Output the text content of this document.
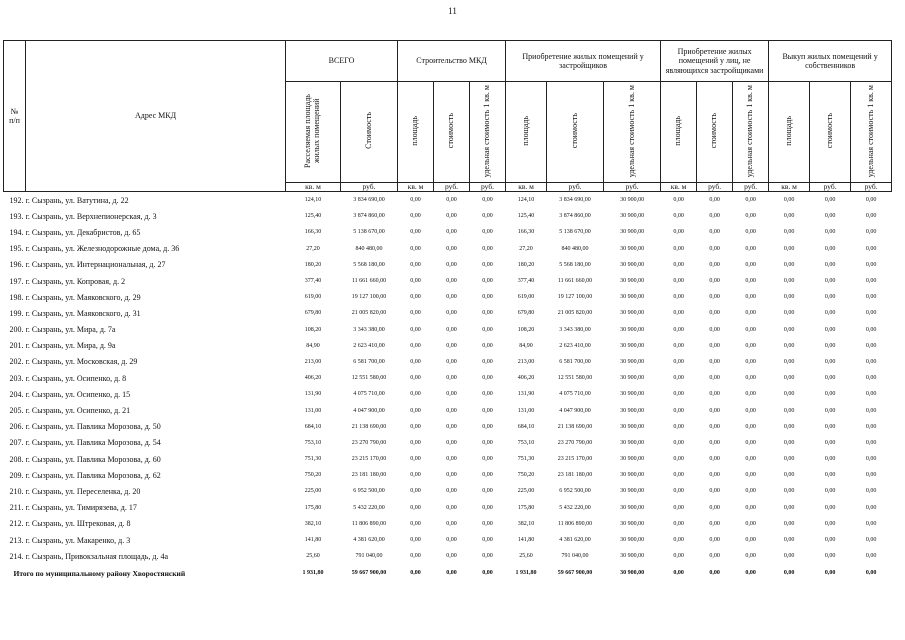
11
№
п/п	Адрес МКД	ВСЕГО		Строительство МКД			Приобретение жилых помещений у застройщиков			Приобретение жилых помещений у лиц, не являющихся застройщиками			Выкуп жилых помещений у собственников		
		Расселяемая площадь жилых помещений	Стоимость	площадь	стоимость	удельная стоимость 1 кв. м	площадь	стоимость	удельная стоимость 1 кв. м	площадь	стоимость	удельная стоимость 1 кв. м	площадь	стоимость	удельная стоимость 1 кв. м
		кв. м	руб.	кв. м	руб.	руб.	кв. м	руб.	руб.	кв. м	руб.	руб.	кв. м	руб.	руб.
192.	г. Сызрань, ул. Ватутина, д. 22	124,10	3 834 690,00	0,00	0,00	0,00	124,10	3 834 690,00	30 900,00	0,00	0,00	0,00	0,00	0,00	0,00
193.	г. Сызрань, ул. Верхнепионерская, д. 3	125,40	3 874 860,00	0,00	0,00	0,00	125,40	3 874 860,00	30 900,00	0,00	0,00	0,00	0,00	0,00	0,00
194.	г. Сызрань, ул. Декабристов, д. 65	166,30	5 138 670,00	0,00	0,00	0,00	166,30	5 138 670,00	30 900,00	0,00	0,00	0,00	0,00	0,00	0,00
195.	г. Сызрань, ул. Железнодорожные дома, д. 36	27,20	840 480,00	0,00	0,00	0,00	27,20	840 480,00	30 900,00	0,00	0,00	0,00	0,00	0,00	0,00
196.	г. Сызрань, ул. Интернациональная, д. 27	180,20	5 568 180,00	0,00	0,00	0,00	180,20	5 568 180,00	30 900,00	0,00	0,00	0,00	0,00	0,00	0,00
197.	г. Сызрань, ул. Копровая, д. 2	377,40	11 661 660,00	0,00	0,00	0,00	377,40	11 661 660,00	30 900,00	0,00	0,00	0,00	0,00	0,00	0,00
198.	г. Сызрань, ул. Маяковского, д. 29	619,00	19 127 100,00	0,00	0,00	0,00	619,00	19 127 100,00	30 900,00	0,00	0,00	0,00	0,00	0,00	0,00
199.	г. Сызрань, ул. Маяковского, д. 31	679,80	21 005 820,00	0,00	0,00	0,00	679,80	21 005 820,00	30 900,00	0,00	0,00	0,00	0,00	0,00	0,00
200.	г. Сызрань, ул. Мира, д. 7а	108,20	3 343 380,00	0,00	0,00	0,00	108,20	3 343 380,00	30 900,00	0,00	0,00	0,00	0,00	0,00	0,00
201.	г. Сызрань, ул. Мира, д. 9а	84,90	2 623 410,00	0,00	0,00	0,00	84,90	2 623 410,00	30 900,00	0,00	0,00	0,00	0,00	0,00	0,00
202.	г. Сызрань, ул. Московская, д. 29	213,00	6 581 700,00	0,00	0,00	0,00	213,00	6 581 700,00	30 900,00	0,00	0,00	0,00	0,00	0,00	0,00
203.	г. Сызрань, ул. Осипенко, д. 8	406,20	12 551 580,00	0,00	0,00	0,00	406,20	12 551 580,00	30 900,00	0,00	0,00	0,00	0,00	0,00	0,00
204.	г. Сызрань, ул. Осипенко, д. 15	131,90	4 075 710,00	0,00	0,00	0,00	131,90	4 075 710,00	30 900,00	0,00	0,00	0,00	0,00	0,00	0,00
205.	г. Сызрань, ул. Осипенко, д. 21	131,00	4 047 900,00	0,00	0,00	0,00	131,00	4 047 900,00	30 900,00	0,00	0,00	0,00	0,00	0,00	0,00
206.	г. Сызрань, ул. Павлика Морозова, д. 50	684,10	21 138 690,00	0,00	0,00	0,00	684,10	21 138 690,00	30 900,00	0,00	0,00	0,00	0,00	0,00	0,00
207.	г. Сызрань, ул. Павлика Морозова, д. 54	753,10	23 270 790,00	0,00	0,00	0,00	753,10	23 270 790,00	30 900,00	0,00	0,00	0,00	0,00	0,00	0,00
208.	г. Сызрань, ул. Павлика Морозова, д. 60	751,30	23 215 170,00	0,00	0,00	0,00	751,30	23 215 170,00	30 900,00	0,00	0,00	0,00	0,00	0,00	0,00
209.	г. Сызрань, ул. Павлика Морозова, д. 62	750,20	23 181 180,00	0,00	0,00	0,00	750,20	23 181 180,00	30 900,00	0,00	0,00	0,00	0,00	0,00	0,00
210.	г. Сызрань, ул. Переселенка, д. 20	225,00	6 952 500,00	0,00	0,00	0,00	225,00	6 952 500,00	30 900,00	0,00	0,00	0,00	0,00	0,00	0,00
211.	г. Сызрань, ул. Тимирязева, д. 17	175,80	5 432 220,00	0,00	0,00	0,00	175,80	5 432 220,00	30 900,00	0,00	0,00	0,00	0,00	0,00	0,00
212.	г. Сызрань, ул. Штрековая, д. 8	382,10	11 806 890,00	0,00	0,00	0,00	382,10	11 806 890,00	30 900,00	0,00	0,00	0,00	0,00	0,00	0,00
213.	г. Сызрань, ул. Макаренко, д. 3	141,80	4 381 620,00	0,00	0,00	0,00	141,80	4 381 620,00	30 900,00	0,00	0,00	0,00	0,00	0,00	0,00
214.	г. Сызрань, Привокзальная площадь, д. 4а	25,60	791 040,00	0,00	0,00	0,00	25,60	791 040,00	30 900,00	0,00	0,00	0,00	0,00	0,00	0,00
Итого по муниципальному району Хворостянский		1 931,80	59 667 900,00	0,00	0,00	0,00	1 931,80	59 667 900,00	30 900,00	0,00	0,00	0,00	0,00	0,00	0,00
